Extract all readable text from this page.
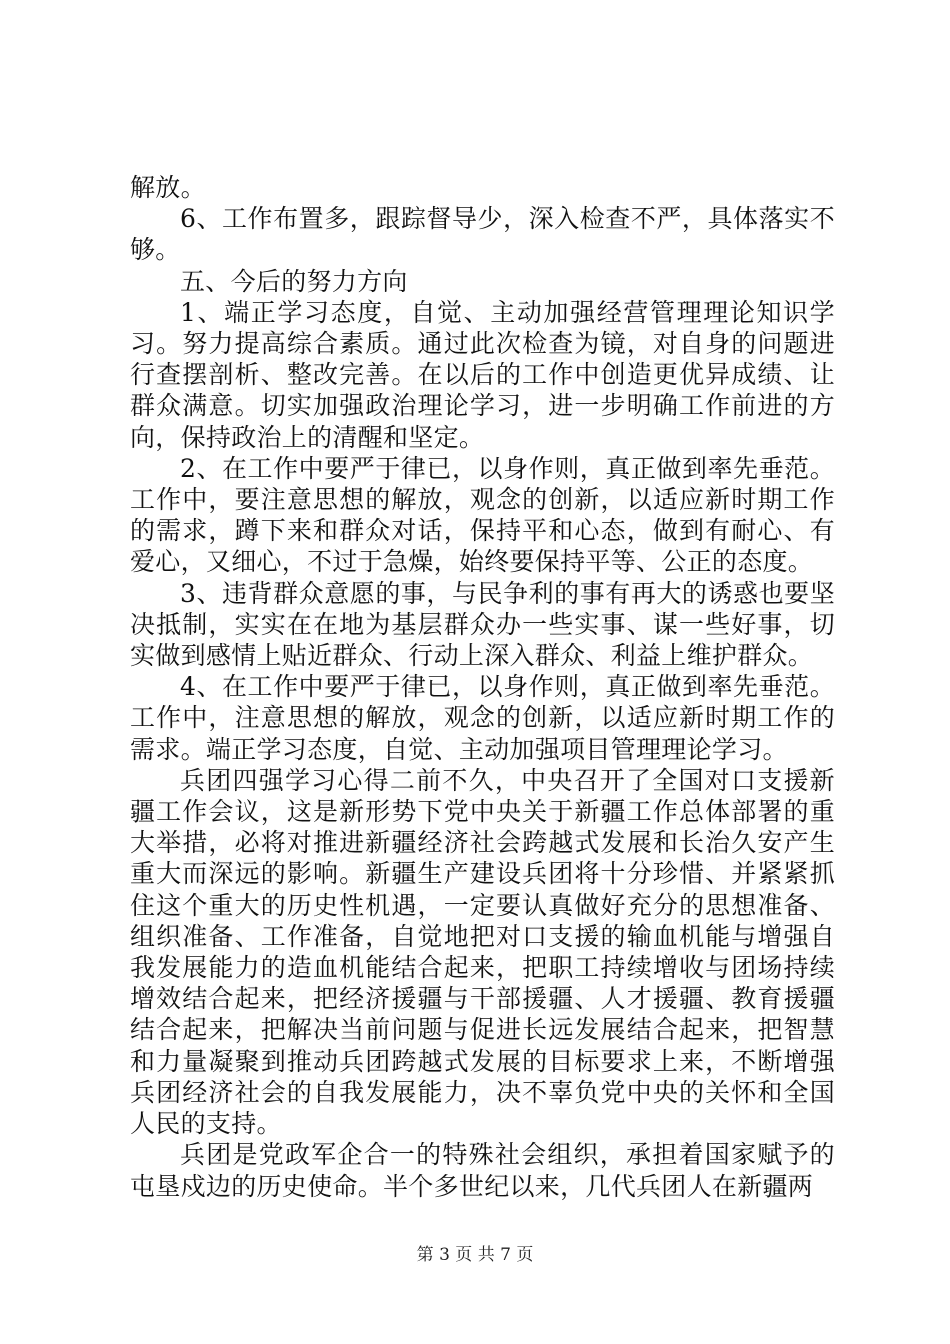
解放。

6、工作布置多，跟踪督导少，深入检查不严，具体落实不够。

五、今后的努力方向

1、端正学习态度，自觉、主动加强经营管理理论知识学习。努力提高综合素质。通过此次检查为镜，对自身的问题进行查摆剖析、整改完善。在以后的工作中创造更优异成绩、让群众满意。切实加强政治理论学习，进一步明确工作前进的方向，保持政治上的清醒和坚定。

2、在工作中要严于律已，以身作则，真正做到率先垂范。工作中，要注意思想的解放，观念的创新，以适应新时期工作的需求，蹲下来和群众对话，保持平和心态，做到有耐心、有爱心，又细心，不过于急燥，始终要保持平等、公正的态度。

3、违背群众意愿的事，与民争利的事有再大的诱惑也要坚决抵制，实实在在地为基层群众办一些实事、谋一些好事，切实做到感情上贴近群众、行动上深入群众、利益上维护群众。

4、在工作中要严于律已，以身作则，真正做到率先垂范。工作中，注意思想的解放，观念的创新，以适应新时期工作的需求。端正学习态度，自觉、主动加强项目管理理论学习。

兵团四强学习心得二前不久，中央召开了全国对口支援新疆工作会议，这是新形势下党中央关于新疆工作总体部署的重大举措，必将对推进新疆经济社会跨越式发展和长治久安产生重大而深远的影响。新疆生产建设兵团将十分珍惜、并紧紧抓住这个重大的历史性机遇，一定要认真做好充分的思想准备、组织准备、工作准备，自觉地把对口支援的输血机能与增强自我发展能力的造血机能结合起来，把职工持续增收与团场持续增效结合起来，把经济援疆与干部援疆、人才援疆、教育援疆结合起来，把解决当前问题与促进长远发展结合起来，把智慧和力量凝聚到推动兵团跨越式发展的目标要求上来，不断增强兵团经济社会的自我发展能力，决不辜负党中央的关怀和全国人民的支持。

兵团是党政军企合一的特殊社会组织，承担着国家赋予的屯垦戍边的历史使命。半个多世纪以来，几代兵团人在新疆两

第 3 页 共 7 页
